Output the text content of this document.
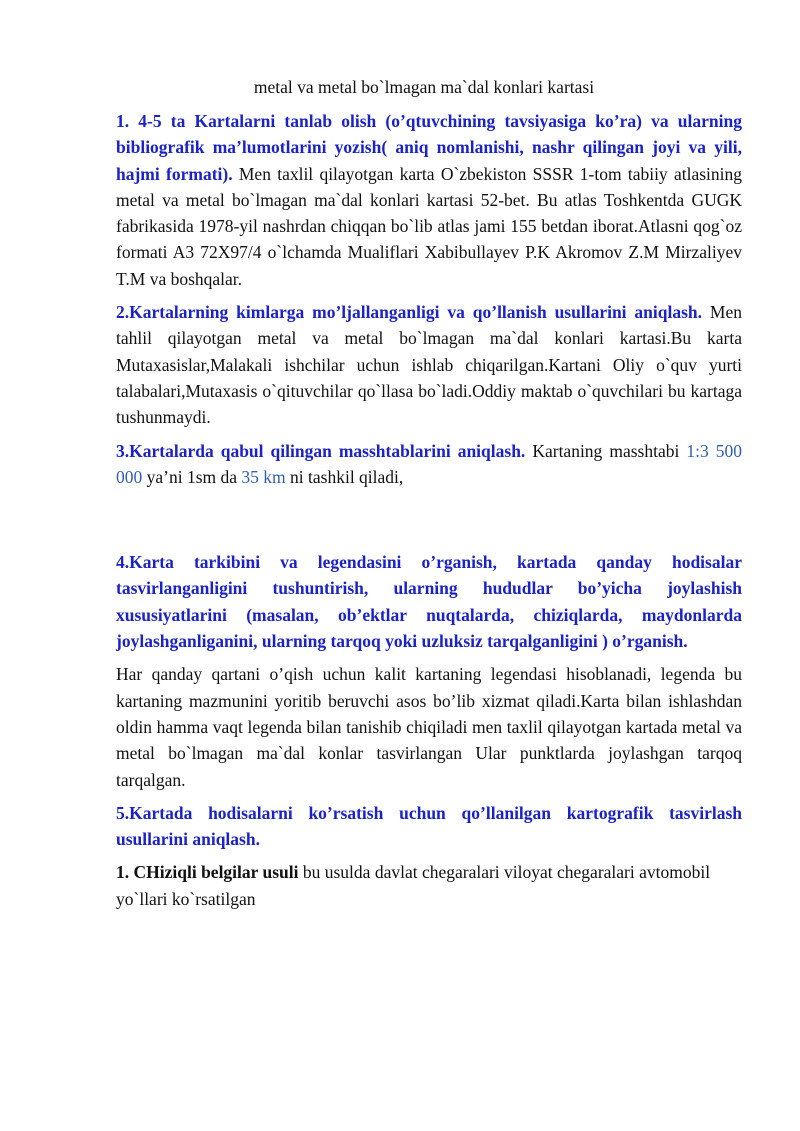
metal va metal bo`lmagan ma`dal konlari kartasi

1. 4-5 ta Kartalarni tanlab olish (o’qtuvchining tavsiyasiga ko’ra) va ularning bibliografik ma’lumotlarini yozish( aniq nomlanishi, nashr qilingan joyi va yili, hajmi formati). Men taxlil qilayotgan karta O`zbekiston SSSR 1-tom tabiiy atlasining metal va metal bo`lmagan ma`dal konlari kartasi 52-bet. Bu atlas Toshkentda GUGK fabrikasida 1978-yil nashrdan chiqqan bo`lib atlas jami 155 betdan iborat.Atlasni qog`oz formati A3 72X97/4 o`lchamda Mualiflari Xabibullayev P.K Akromov Z.M Mirzaliyev T.M va boshqalar.

2.Kartalarning kimlarga mo’ljallanganligi va qo’llanish usullarini aniqlash. Men tahlil qilayotgan metal va metal bo`lmagan ma`dal konlari kartasi.Bu karta Mutaxasislar,Malakali ishchilar uchun ishlab chiqarilgan.Kartani Oliy o`quv yurti talabalari,Mutaxasis o`qituvchilar qo`llasa bo`ladi.Oddiy maktab o`quvchilari bu kartaga tushunmaydi.

3.Kartalarda qabul qilingan masshtablarini aniqlash. Kartaning masshtabi 1:3 500 000 ya’ni 1sm da 35 km ni tashkil qiladi,

4.Karta tarkibini va legendasini o’rganish, kartada qanday hodisalar tasvirlanganligini tushuntirish, ularning hududlar bo’yicha joylashish xususiyatlarini (masalan, ob’ektlar nuqtalarda, chiziqlarda, maydonlarda joylashganliganini, ularning tarqoq yoki uzluksiz tarqalganligini ) o’rganish.

Har qanday qartani o’qish uchun kalit kartaning legendasi hisoblanadi, legenda bu kartaning mazmunini yoritib beruvchi asos bo’lib xizmat qiladi.Karta bilan ishlashdan oldin hamma vaqt legenda bilan tanishib chiqiladi men taxlil qilayotgan kartada metal va metal bo`lmagan ma`dal konlar tasvirlangan Ular punktlarda joylashgan tarqoq tarqalgan.

5.Kartada hodisalarni ko’rsatish uchun qo’llanilgan kartografik tasvirlash usullarini aniqlash.

1. CHiziqli belgilar usuli bu usulda davlat chegaralari viloyat chegaralari avtomobil yo`llari ko`rsatilgan
